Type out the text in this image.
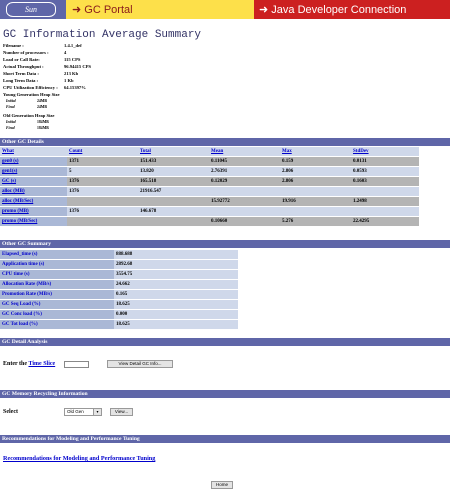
Sun	➜ GC Portal	➜ Java Developer Connection
GC Information Average Summary
Filename :	1.4.1_def
Number of processors :	4
Load or Call Rate:	115 CPS
Actual Throughput :	96.94415 CPS
Short Term Data :	213 Kb
Long Term Data :	1 Kb
CPU Utilization Efficiency : 64.15397%
Young Generation Heap Size
Initial	24MB
Final	24MB
Old Generation Heap Size
Initial	184MB
Final	184MB
Other GC Details
What	Count	Total	Mean	Max	StdDev
gen0 (s)	1371	151.433	0.11045	0.159	0.0131
gen1(s)	5	13.820	2.76391	2.806	0.0593
GC (s)	1376	165.518	0.12029	2.806	0.1603
alloc (MB)	1376	21916.547			
alloc (MB/Sec)			15.92772	19.916	1.2498
promo (MB)	1376	146.678			
promo (MB/Sec)			0.10660	5.276	22.4295
Other GC Summary
Elapsed_time (s)	888.688
Application time (s)	2892.68
CPU time (s)	3554.75
Allocation Rate (MB/s)	24.662
Promotion Rate (MB/s)	0.165
GC Seq Load (%)	18.625
GC Conc load (%)	0.000
GC Tot load (%)	18.625
GC Detail Analysis
Enter the Time Slice	View Detail GC Info...
GC Memory Recycling Information
Select	Old Gen	▾	View...
Recommendations for Modeling and Performance Tuning
Recommendations for Modeling and Performance Tuning
Home
